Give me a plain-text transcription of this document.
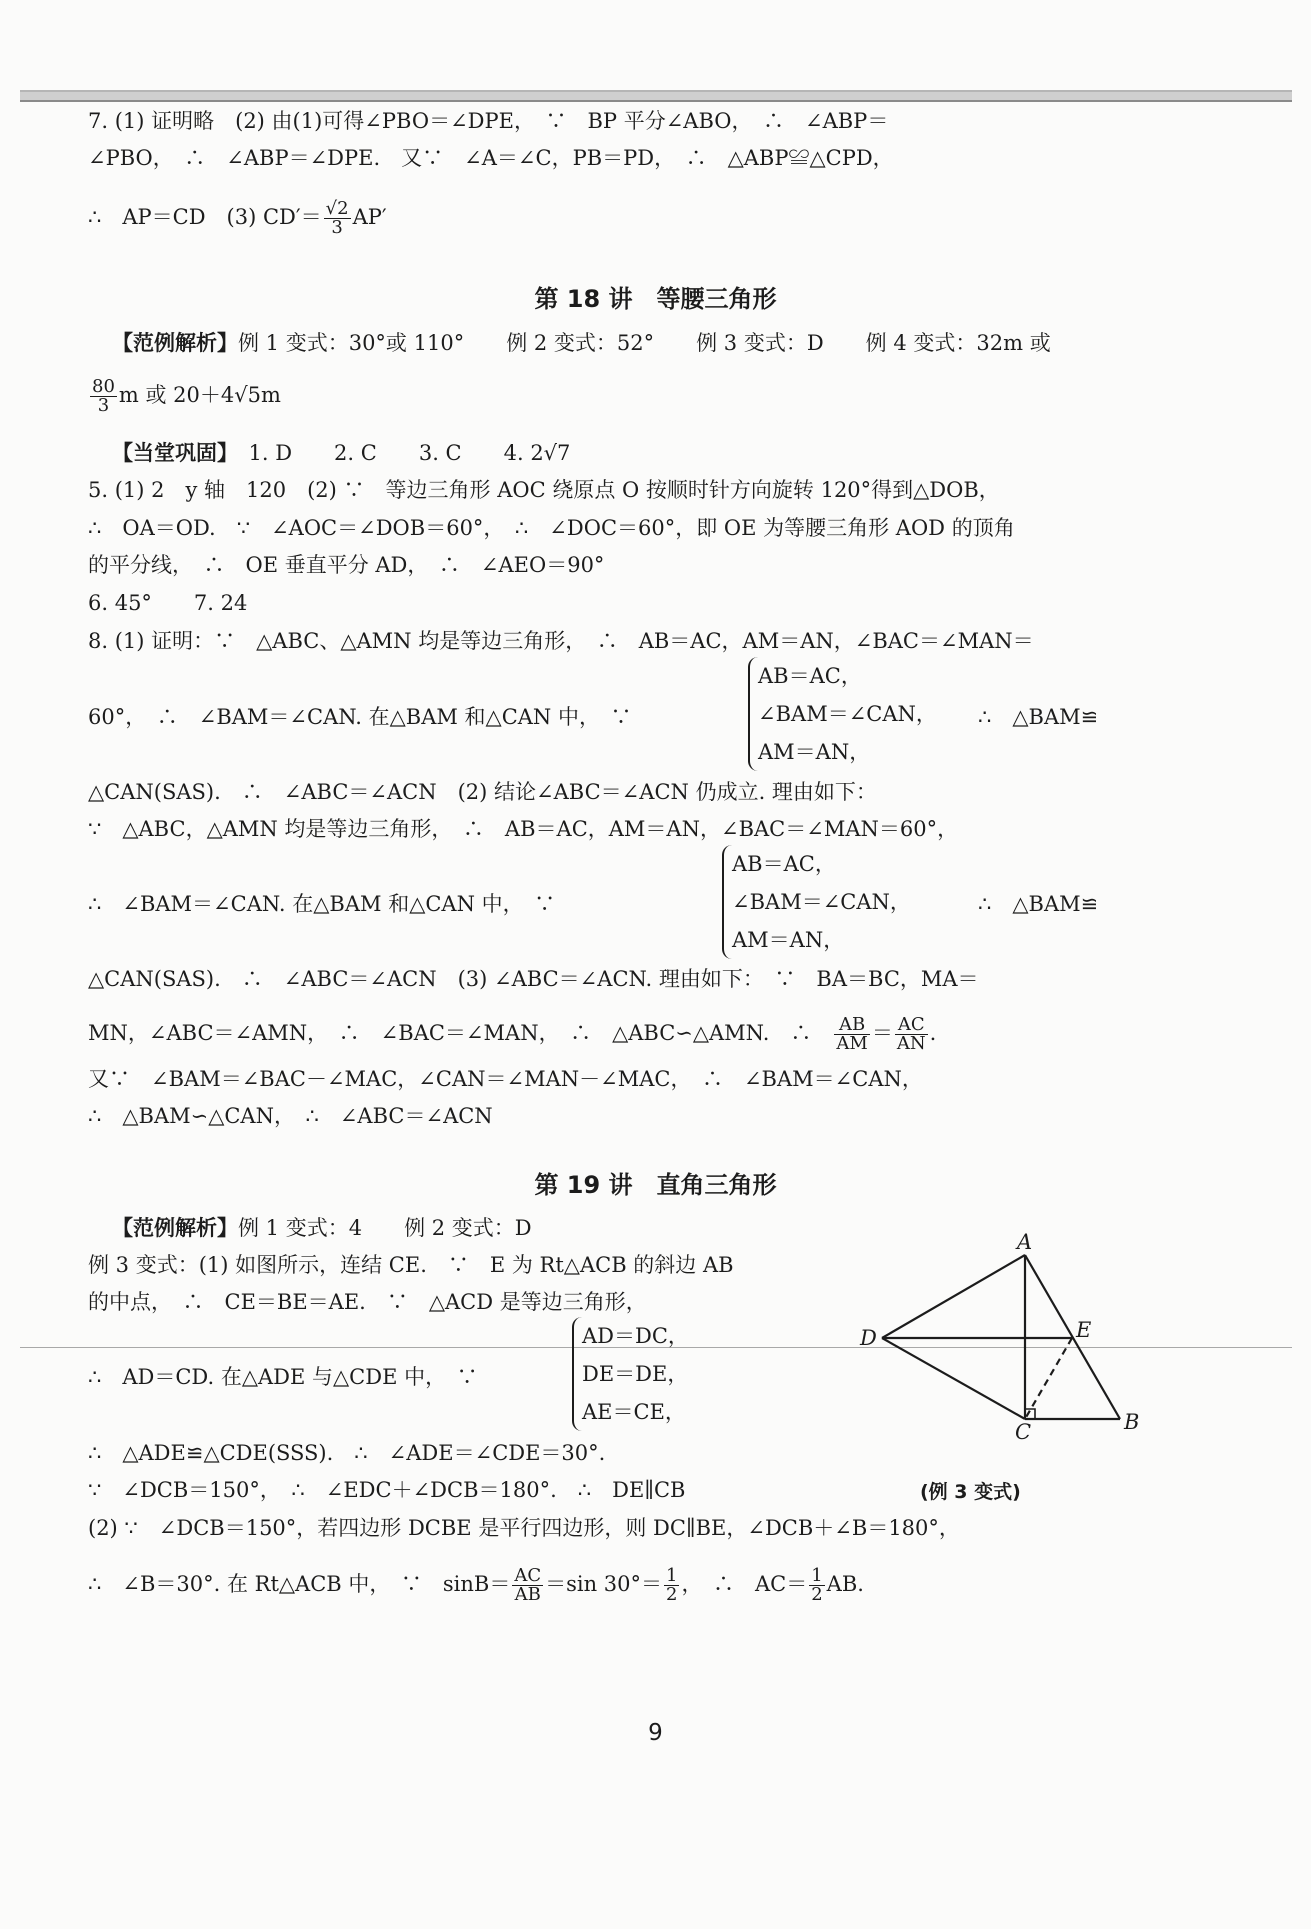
7. (1) 证明略　(2) 由(1)可得∠PBO＝∠DPE，　∵　BP 平分∠ABO，　∴　∠ABP＝
∠PBO，　∴　∠ABP＝∠DPE.　又∵　∠A＝∠C，PB＝PD，　∴　△ABP≌△CPD，
∴　AP＝CD　(3) $CD'= \frac{√2}{3} AP'$
第 18 讲　等腰三角形
【范例解析】例 1 变式：30°或 110°　　例 2 变式：52°　　例 3 变式：D　　例 4 变式：32m 或
$\frac{80}{3}$ m 或 20＋4√5m
【当堂巩固】　 1. D　　2. C　　3. C　　4. 2√7
5. (1) 2　y 轴　120　(2) ∵　等边三角形 AOC 绕原点 O 按顺时针方向旋转 120°得到△DOB，
∴　OA＝OD.　∵　∠AOC＝∠DOB＝60°，　∴　∠DOC＝60°，即 OE 为等腰三角形 AOD 的顶角
的平分线，　∴　OE 垂直平分 AD，　∴　∠AEO＝90°
6. 45°　　7. 24
8. (1) 证明：∵　△ABC、△AMN 均是等边三角形，　∴　AB＝AC，AM＝AN，∠BAC＝∠MAN＝
60°，　∴　∠BAM＝∠CAN. 在△BAM 和△CAN 中，　∵
AB＝AC，
∠BAM＝∠CAN，
AM＝AN，
∴　△BAM≌
△CAN(SAS).　∴　∠ABC＝∠ACN　(2) 结论∠ABC＝∠ACN 仍成立. 理由如下：
∵　△ABC，△AMN 均是等边三角形，　∴　AB＝AC，AM＝AN，∠BAC＝∠MAN＝60°，
∴　∠BAM＝∠CAN. 在△BAM 和△CAN 中，　∵
AB＝AC，
∠BAM＝∠CAN，
AM＝AN，
∴　△BAM≌
△CAN(SAS).　∴　∠ABC＝∠ACN　(3) ∠ABC＝∠ACN. 理由如下：　∵　BA＝BC，MA＝
MN，∠ABC＝∠AMN，　∴　∠BAC＝∠MAN，　∴　△ABC∽△AMN.　∴　 $\frac{AB}{AM} = \frac{AC}{AN}$ .
又∵　∠BAM＝∠BAC－∠MAC，∠CAN＝∠MAN－∠MAC，　∴　∠BAM＝∠CAN，
∴　△BAM∽△CAN，　∴　∠ABC＝∠ACN
第 19 讲　直角三角形
【范例解析】例 1 变式：4　　例 2 变式：D
例 3 变式：(1) 如图所示，连结 CE.　∵　E 为 Rt△ACB 的斜边 AB
的中点，　∴　CE＝BE＝AE.　∵　△ACD 是等边三角形，
∴　AD＝CD. 在△ADE 与△CDE 中，　∵
AD＝DC，
DE＝DE，
AE＝CE，
∴　△ADE≌△CDE(SSS).　∴　∠ADE＝∠CDE＝30°.
∵　∠DCB＝150°，　∴　∠EDC＋∠DCB＝180°.　∴　DE∥CB
(2) ∵　∠DCB＝150°，若四边形 DCBE 是平行四边形，则 DC∥BE，∠DCB＋∠B＝180°，
∴　∠B＝30°. 在 Rt△ACB 中，　∵　$\sin B= \frac{AC}{AB} =\sin$ $30^\circ= \frac{1}{2}$ ，　∴　$AC= \frac{1}{2}$ AB.
A
D	E
C	B
(例 3 变式)
9
